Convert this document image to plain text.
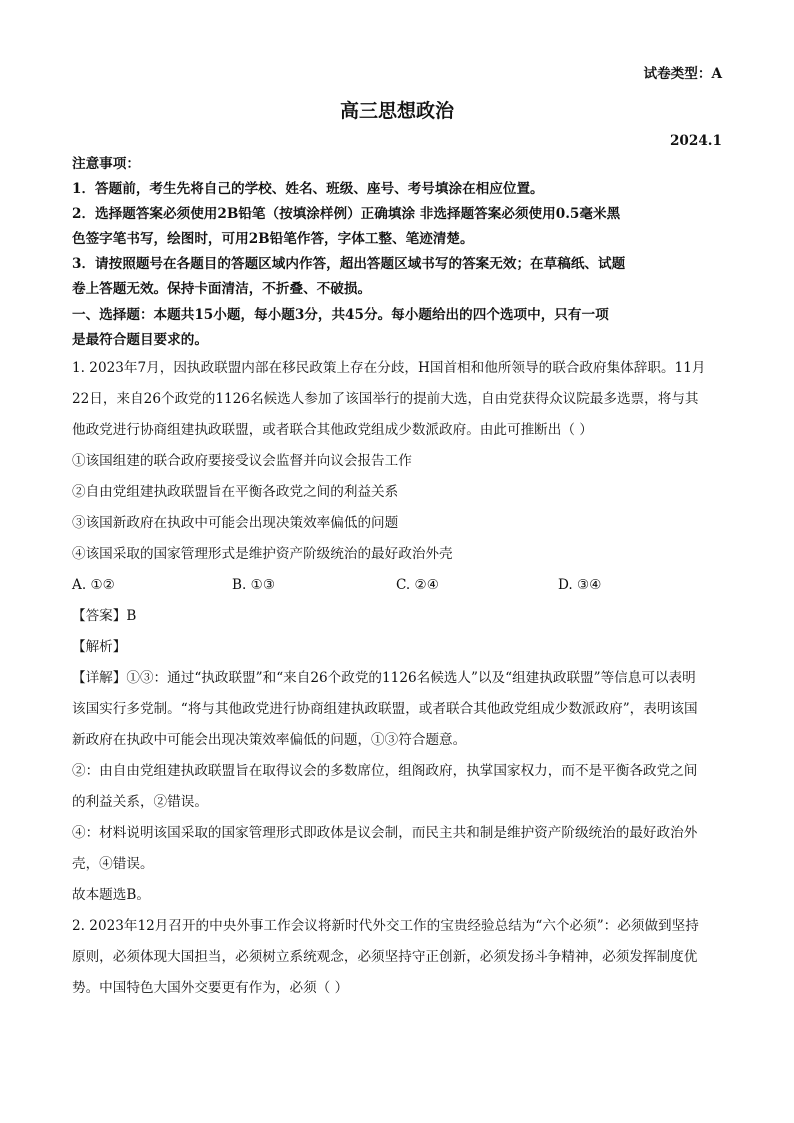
试卷类型：A
高三思想政治
2024.1
注意事项：
1．答题前，考生先将自己的学校、姓名、班级、座号、考号填涂在相应位置。
2．选择题答案必须使用2B铅笔（按填涂样例）正确填涂 非选择题答案必须使用0.5毫米黑
色签字笔书写，绘图时，可用2B铅笔作答，字体工整、笔迹清楚。
3．请按照题号在各题目的答题区域内作答，超出答题区域书写的答案无效；在草稿纸、试题
卷上答题无效。保持卡面清洁，不折叠、不破损。
一、选择题：本题共15小题，每小题3分，共45分。每小题给出的四个选项中，只有一项
是最符合题目要求的。
1. 2023年7月，因执政联盟内部在移民政策上存在分歧，H国首相和他所领导的联合政府集体辞职。11月
22日，来自26个政党的1126名候选人参加了该国举行的提前大选，自由党获得众议院最多选票，将与其
他政党进行协商组建执政联盟，或者联合其他政党组成少数派政府。由此可推断出（ ）
①该国组建的联合政府要接受议会监督并向议会报告工作
②自由党组建执政联盟旨在平衡各政党之间的利益关系
③该国新政府在执政中可能会出现决策效率偏低的问题
④该国采取的国家管理形式是维护资产阶级统治的最好政治外壳
A. ①②	B. ①③	C. ②④	D. ③④
【答案】B
【解析】
【详解】①③：通过“执政联盟”和“来自26个政党的1126名候选人”以及“组建执政联盟”等信息可以表明
该国实行多党制。“将与其他政党进行协商组建执政联盟，或者联合其他政党组成少数派政府”，表明该国
新政府在执政中可能会出现决策效率偏低的问题，①③符合题意。
②：由自由党组建执政联盟旨在取得议会的多数席位，组阁政府，执掌国家权力，而不是平衡各政党之间
的利益关系，②错误。
④：材料说明该国采取的国家管理形式即政体是议会制，而民主共和制是维护资产阶级统治的最好政治外
壳，④错误。
故本题选B。
2. 2023年12月召开的中央外事工作会议将新时代外交工作的宝贵经验总结为“六个必须”：必须做到坚持
原则，必须体现大国担当，必须树立系统观念，必须坚持守正创新，必须发扬斗争精神，必须发挥制度优
势。中国特色大国外交要更有作为，必须（ ）
